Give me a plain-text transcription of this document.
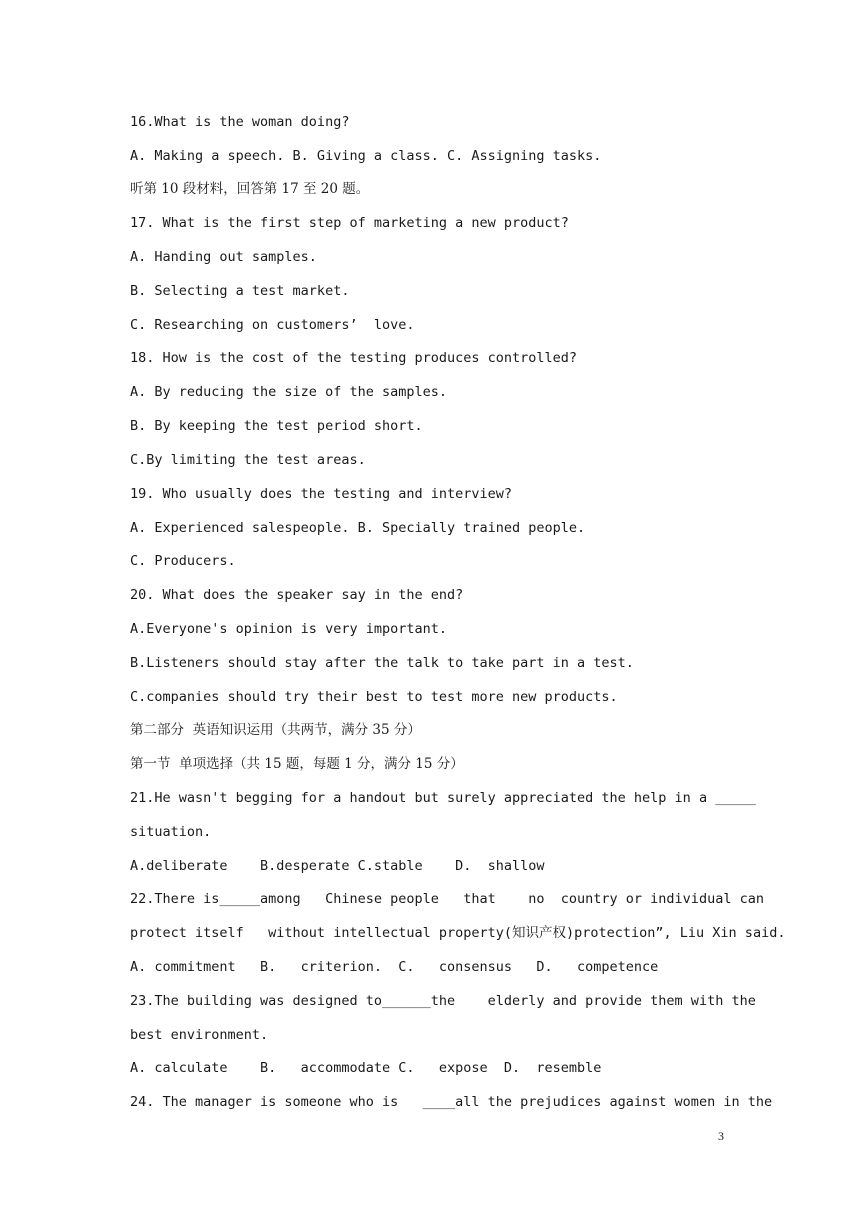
16.What is the woman doing?
A. Making a speech. B. Giving a class. C. Assigning tasks.
听第 10 段材料，回答第 17 至 20 题。
17. What is the first step of marketing a new product?
A. Handing out samples.
B. Selecting a test market.
C. Researching on customers’  love.
18. How is the cost of the testing produces controlled?
A. By reducing the size of the samples.
B. By keeping the test period short.
C.By limiting the test areas.
19. Who usually does the testing and interview?
A. Experienced salespeople. B. Specially trained people.
C. Producers.
20. What does the speaker say in the end?
A.Everyone's opinion is very important.
B.Listeners should stay after the talk to take part in a test.
C.companies should try their best to test more new products.
第二部分  英语知识运用（共两节，满分 35 分）
第一节  单项选择（共 15 题，每题 1 分，满分 15 分）
21.He wasn't begging for a handout but surely appreciated the help in a _____
situation.
A.deliberate    B.desperate C.stable    D.  shallow
22.There is_____among   Chinese people   that    no  country or individual can
protect itself   without intellectual property(知识产权)protection”, Liu Xin said.
A. commitment   B.   criterion.  C.   consensus   D.   competence
23.The building was designed to______the    elderly and provide them with the
best environment.
A. calculate    B.   accommodate C.   expose  D.  resemble
24. The manager is someone who is   ____all the prejudices against women in the
3
